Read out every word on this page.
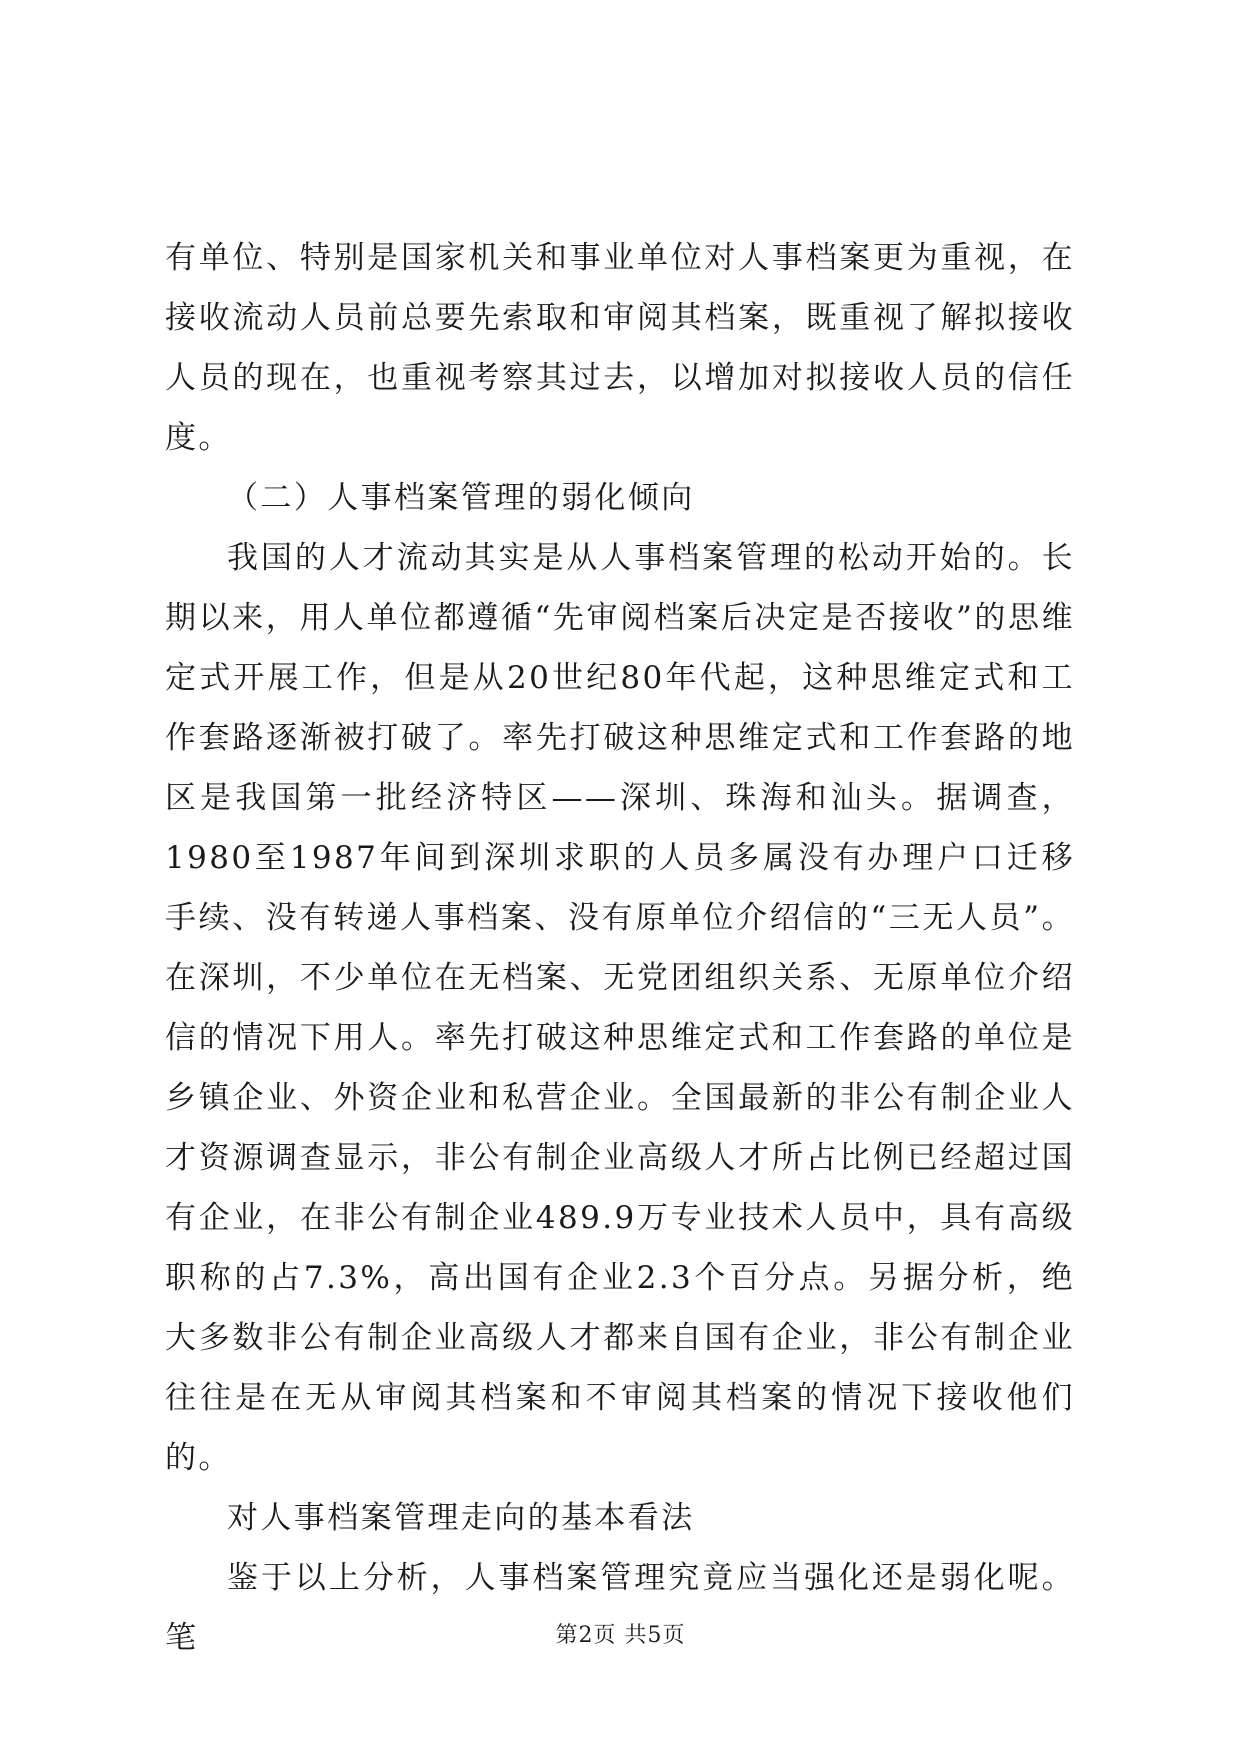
有单位、特别是国家机关和事业单位对人事档案更为重视，在接收流动人员前总要先索取和审阅其档案，既重视了解拟接收人员的现在，也重视考察其过去，以增加对拟接收人员的信任度。

（二）人事档案管理的弱化倾向

我国的人才流动其实是从人事档案管理的松动开始的。长期以来，用人单位都遵循“先审阅档案后决定是否接收”的思维定式开展工作，但是从20世纪80年代起，这种思维定式和工作套路逐渐被打破了。率先打破这种思维定式和工作套路的地区是我国第一批经济特区——深圳、珠海和汕头。据调查，1980至1987年间到深圳求职的人员多属没有办理户口迁移手续、没有转递人事档案、没有原单位介绍信的“三无人员”。在深圳，不少单位在无档案、无党团组织关系、无原单位介绍信的情况下用人。率先打破这种思维定式和工作套路的单位是乡镇企业、外资企业和私营企业。全国最新的非公有制企业人才资源调查显示，非公有制企业高级人才所占比例已经超过国有企业，在非公有制企业489.9万专业技术人员中，具有高级职称的占7.3%，高出国有企业2.3个百分点。另据分析，绝大多数非公有制企业高级人才都来自国有企业，非公有制企业往往是在无从审阅其档案和不审阅其档案的情况下接收他们的。

对人事档案管理走向的基本看法

鉴于以上分析，人事档案管理究竟应当强化还是弱化呢。笔	第2页 共5页
